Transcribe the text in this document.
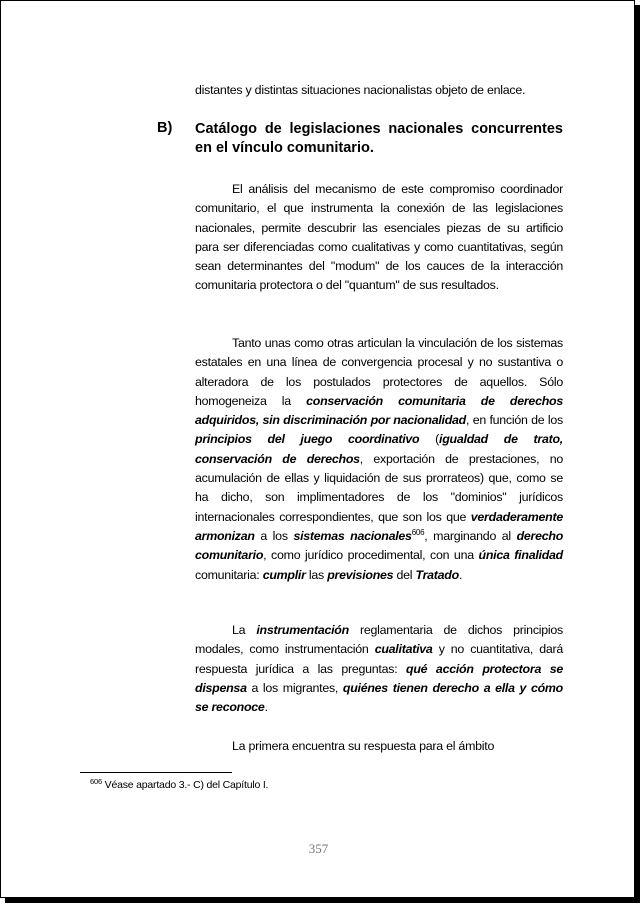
distantes y distintas situaciones nacionalistas objeto de enlace.
B) Catálogo de legislaciones nacionales concurrentes en el vínculo comunitario.
El análisis del mecanismo de este compromiso coordinador comunitario, el que instrumenta la conexión de las legislaciones nacionales, permite descubrir las esenciales piezas de su artificio para ser diferenciadas como cualitativas y como cuantitativas, según sean determinantes del "modum" de los cauces de la interacción comunitaria protectora o del "quantum" de sus resultados.
Tanto unas como otras articulan la vinculación de los sistemas estatales en una línea de convergencia procesal y no sustantiva o alteradora de los postulados protectores de aquellos. Sólo homogeneiza la conservación comunitaria de derechos adquiridos, sin discriminación por nacionalidad, en función de los principios del juego coordinativo (igualdad de trato, conservación de derechos, exportación de prestaciones, no acumulación de ellas y liquidación de sus prorrateos) que, como se ha dicho, son implimentadores de los "dominios" jurídicos internacionales correspondientes, que son los que verdaderamente armonizan a los sistemas nacionales$^{606}$, marginando al derecho comunitario, como jurídico procedimental, con una única finalidad comunitaria: cumplir las previsiones del Tratado.
La instrumentación reglamentaria de dichos principios modales, como instrumentación cualitativa y no cuantitativa, dará respuesta jurídica a las preguntas: qué acción protectora se dispensa a los migrantes, quiénes tienen derecho a ella y cómo se reconoce.
La primera encuentra su respuesta para el ámbito
$^{606}$ Véase apartado 3.- C) del Capítulo I.
357
